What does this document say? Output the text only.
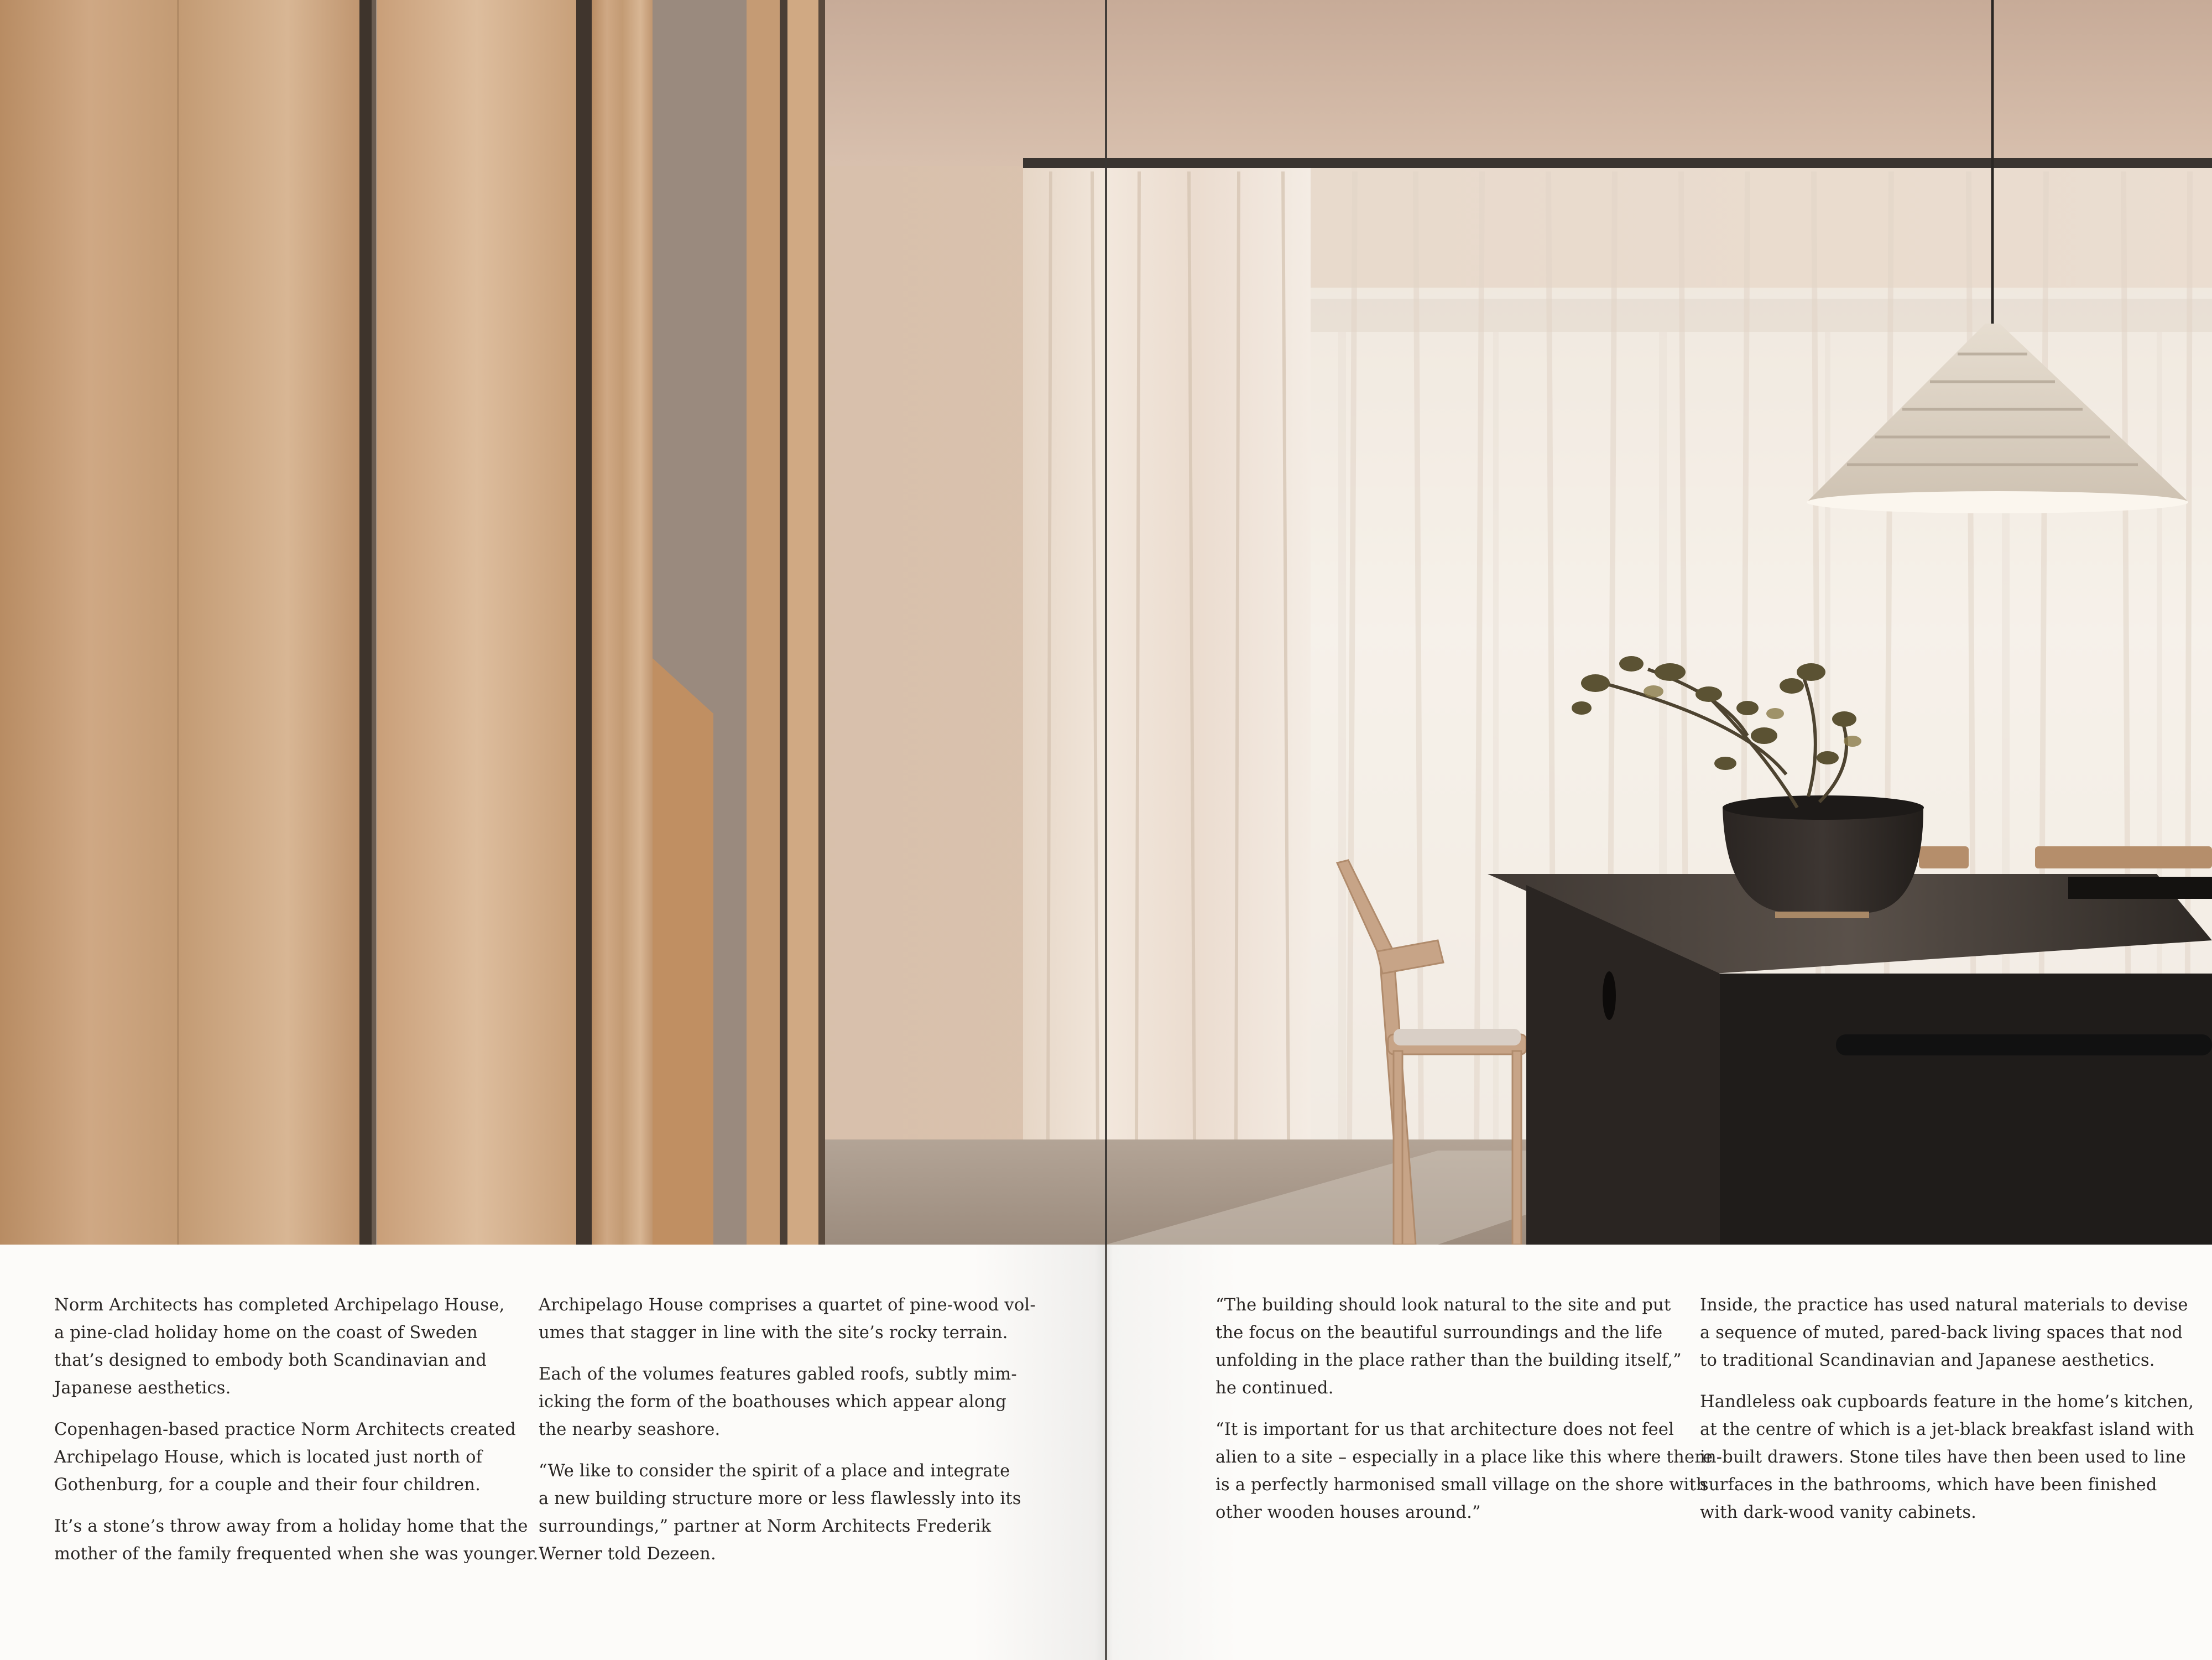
Norm Architects has completed Archipelago House,
a pine-clad holiday home on the coast of Sweden
that’s designed to embody both Scandinavian and
Japanese aesthetics.

Copenhagen-based practice Norm Architects created
Archipelago House, which is located just north of
Gothenburg, for a couple and their four children.

It’s a stone’s throw away from a holiday home that the
mother of the family frequented when she was younger.

Archipelago House comprises a quartet of pine-wood vol-
umes that stagger in line with the site’s rocky terrain.

Each of the volumes features gabled roofs, subtly mim-
icking the form of the boathouses which appear along
the nearby seashore.

“We like to consider the spirit of a place and integrate
a new building structure more or less flawlessly into its
surroundings,” partner at Norm Architects Frederik
Werner told Dezeen.

“The building should look natural to the site and put
the focus on the beautiful surroundings and the life
unfolding in the place rather than the building itself,”
he continued.

“It is important for us that architecture does not feel
alien to a site – especially in a place like this where there
is a perfectly harmonised small village on the shore with
other wooden houses around.”

Inside, the practice has used natural materials to devise
a sequence of muted, pared-back living spaces that nod
to traditional Scandinavian and Japanese aesthetics.

Handleless oak cupboards feature in the home’s kitchen,
at the centre of which is a jet-black breakfast island with
in-built drawers. Stone tiles have then been used to line
surfaces in the bathrooms, which have been finished
with dark-wood vanity cabinets.
